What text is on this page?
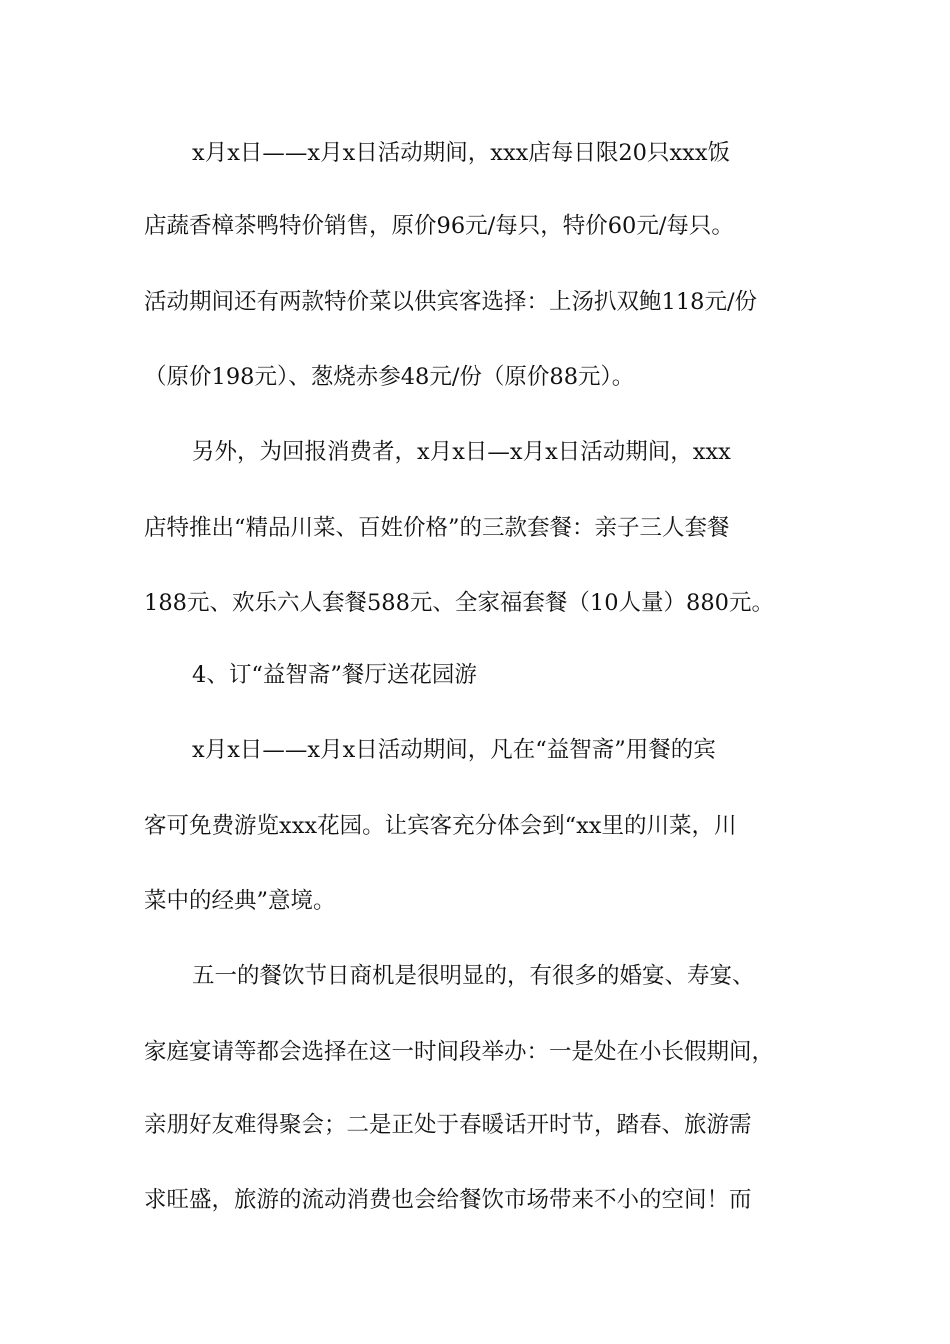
x月x日——x月x日活动期间，xxx店每日限20只xxx饭
店蔬香樟茶鸭特价销售，原价96元/每只，特价60元/每只。
活动期间还有两款特价菜以供宾客选择：上汤扒双鲍118元/份
（原价198元）、葱烧赤参48元/份（原价88元）。
另外，为回报消费者，x月x日—x月x日活动期间，xxx
店特推出“精品川菜、百姓价格”的三款套餐：亲子三人套餐
188元、欢乐六人套餐588元、全家福套餐（10人量）880元。
4、订“益智斋”餐厅送花园游
x月x日——x月x日活动期间，凡在“益智斋”用餐的宾
客可免费游览xxx花园。让宾客充分体会到“xx里的川菜，川
菜中的经典”意境。
五一的餐饮节日商机是很明显的，有很多的婚宴、寿宴、
家庭宴请等都会选择在这一时间段举办：一是处在小长假期间，
亲朋好友难得聚会；二是正处于春暖话开时节，踏春、旅游需
求旺盛，旅游的流动消费也会给餐饮市场带来不小的空间！而
